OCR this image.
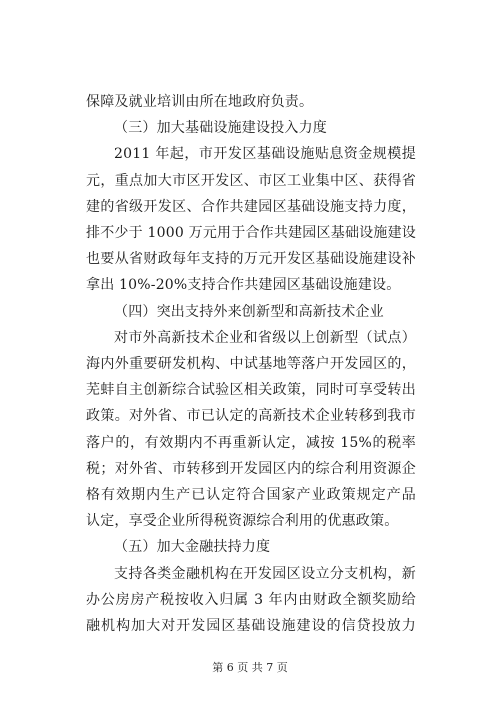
保障及就业培训由所在地政府负责。
（三）加大基础设施建设投入力度
2011 年起，市开发区基础设施贴息资金规模提
元，重点加大市区开发区、市区工业集中区、获得省
建的省级开发区、合作共建园区基础设施支持力度，
排不少于 1000 万元用于合作共建园区基础设施建设
也要从省财政每年支持的万元开发区基础设施建设补
拿出 10%-20%支持合作共建园区基础设施建设。
（四）突出支持外来创新型和高新技术企业
对市外高新技术企业和省级以上创新型（试点）
海内外重要研发机构、中试基地等落户开发园区的，
芜蚌自主创新综合试验区相关政策，同时可享受转出
政策。对外省、市已认定的高新技术企业转移到我市
落户的，有效期内不再重新认定，减按 15%的税率
税；对外省、市转移到开发园区内的综合利用资源企
格有效期内生产已认定符合国家产业政策规定产品
认定，享受企业所得税资源综合利用的优惠政策。
（五）加大金融扶持力度
支持各类金融机构在开发园区设立分支机构，新
第 6 页 共 7 页
办公房房产税按收入归属 3 年内由财政全额奖励给
融机构加大对开发园区基础设施建设的信贷投放力
